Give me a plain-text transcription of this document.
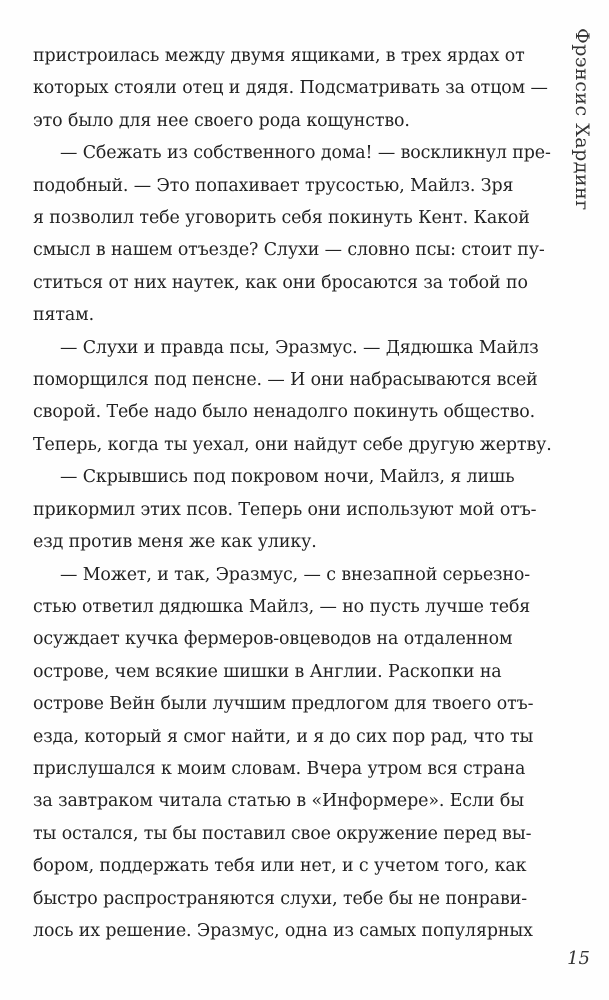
Фрэнсис Хардинг
пристроилась между двумя ящиками, в трех ярдах от
которых стояли отец и дядя. Подсматривать за отцом —
это было для нее своего рода кощунство.
— Сбежать из собственного дома! — воскликнул пре-
подобный. — Это попахивает трусостью, Майлз. Зря
я позволил тебе уговорить себя покинуть Кент. Какой
смысл в нашем отъезде? Слухи — словно псы: стоит пу-
ститься от них наутек, как они бросаются за тобой по
пятам.
— Слухи и правда псы, Эразмус. — Дядюшка Майлз
поморщился под пенсне. — И они набрасываются всей
сворой. Тебе надо было ненадолго покинуть общество.
Теперь, когда ты уехал, они найдут себе другую жертву.
— Скрывшись под покровом ночи, Майлз, я лишь
прикормил этих псов. Теперь они используют мой отъ-
езд против меня же как улику.
— Может, и так, Эразмус, — с внезапной серьезно-
стью ответил дядюшка Майлз, — но пусть лучше тебя
осуждает кучка фермеров-овцеводов на отдаленном
острове, чем всякие шишки в Англии. Раскопки на
острове Вейн были лучшим предлогом для твоего отъ-
езда, который я смог найти, и я до сих пор рад, что ты
прислушался к моим словам. Вчера утром вся страна
за завтраком читала статью в «Информере». Если бы
ты остался, ты бы поставил свое окружение перед вы-
бором, поддержать тебя или нет, и с учетом того, как
быстро распространяются слухи, тебе бы не понрави-
лось их решение. Эразмус, одна из самых популярных
15
